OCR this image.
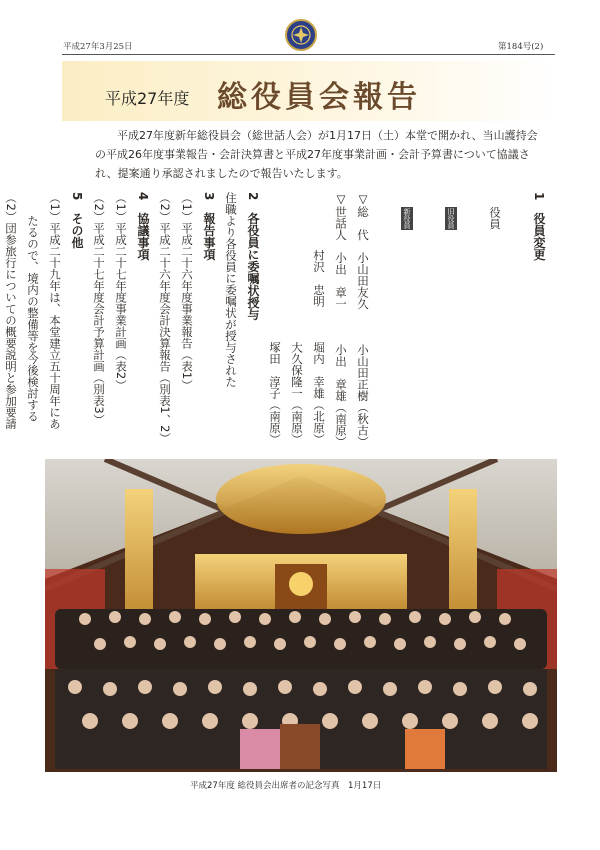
平成27年3月25日	第184号(2)
平成27年度 総役員会報告
平成27年度新年総役員会（総世話人会）が1月17日（土）本堂で開かれ、当山護持会の平成26年度事業報告・会計決算書と平成27年度事業計画・会計予算書について協議され、提案通り承認されましたので報告いたします。
1　役員変更

役員

旧役員

新役員

▽総　代　小山田友久　　　小山田正樹（秋古）
▽世話人　小出　章一　　　小出　章雄（南原）
　　　　　村沢　忠明　　　堀内　幸雄（北原）
　　　　　　　　　　　　　大久保隆一（南原）
　　　　　　　　　　　　　塚田　淳子（南原）
2　各役員に委嘱状授与
住職より各役員に委嘱状が授与された
3　報告事項
（1）平成二十六年度事業報告（表1）
（2）平成二十六年度会計決算報告（別表1、2）
4　協議事項
（1）平成二十七年度事業計画（表2）
（2）平成二十七年度会計予算計画（別表3）
5　その他
（1）平成二十九年は、本堂建立五十周年にあ
　　たるので、境内の整備等を今後検討する
（2）団参旅行についての概要説明と参加要請
平成27年度 総役員会出席者の記念写真　1月17日
